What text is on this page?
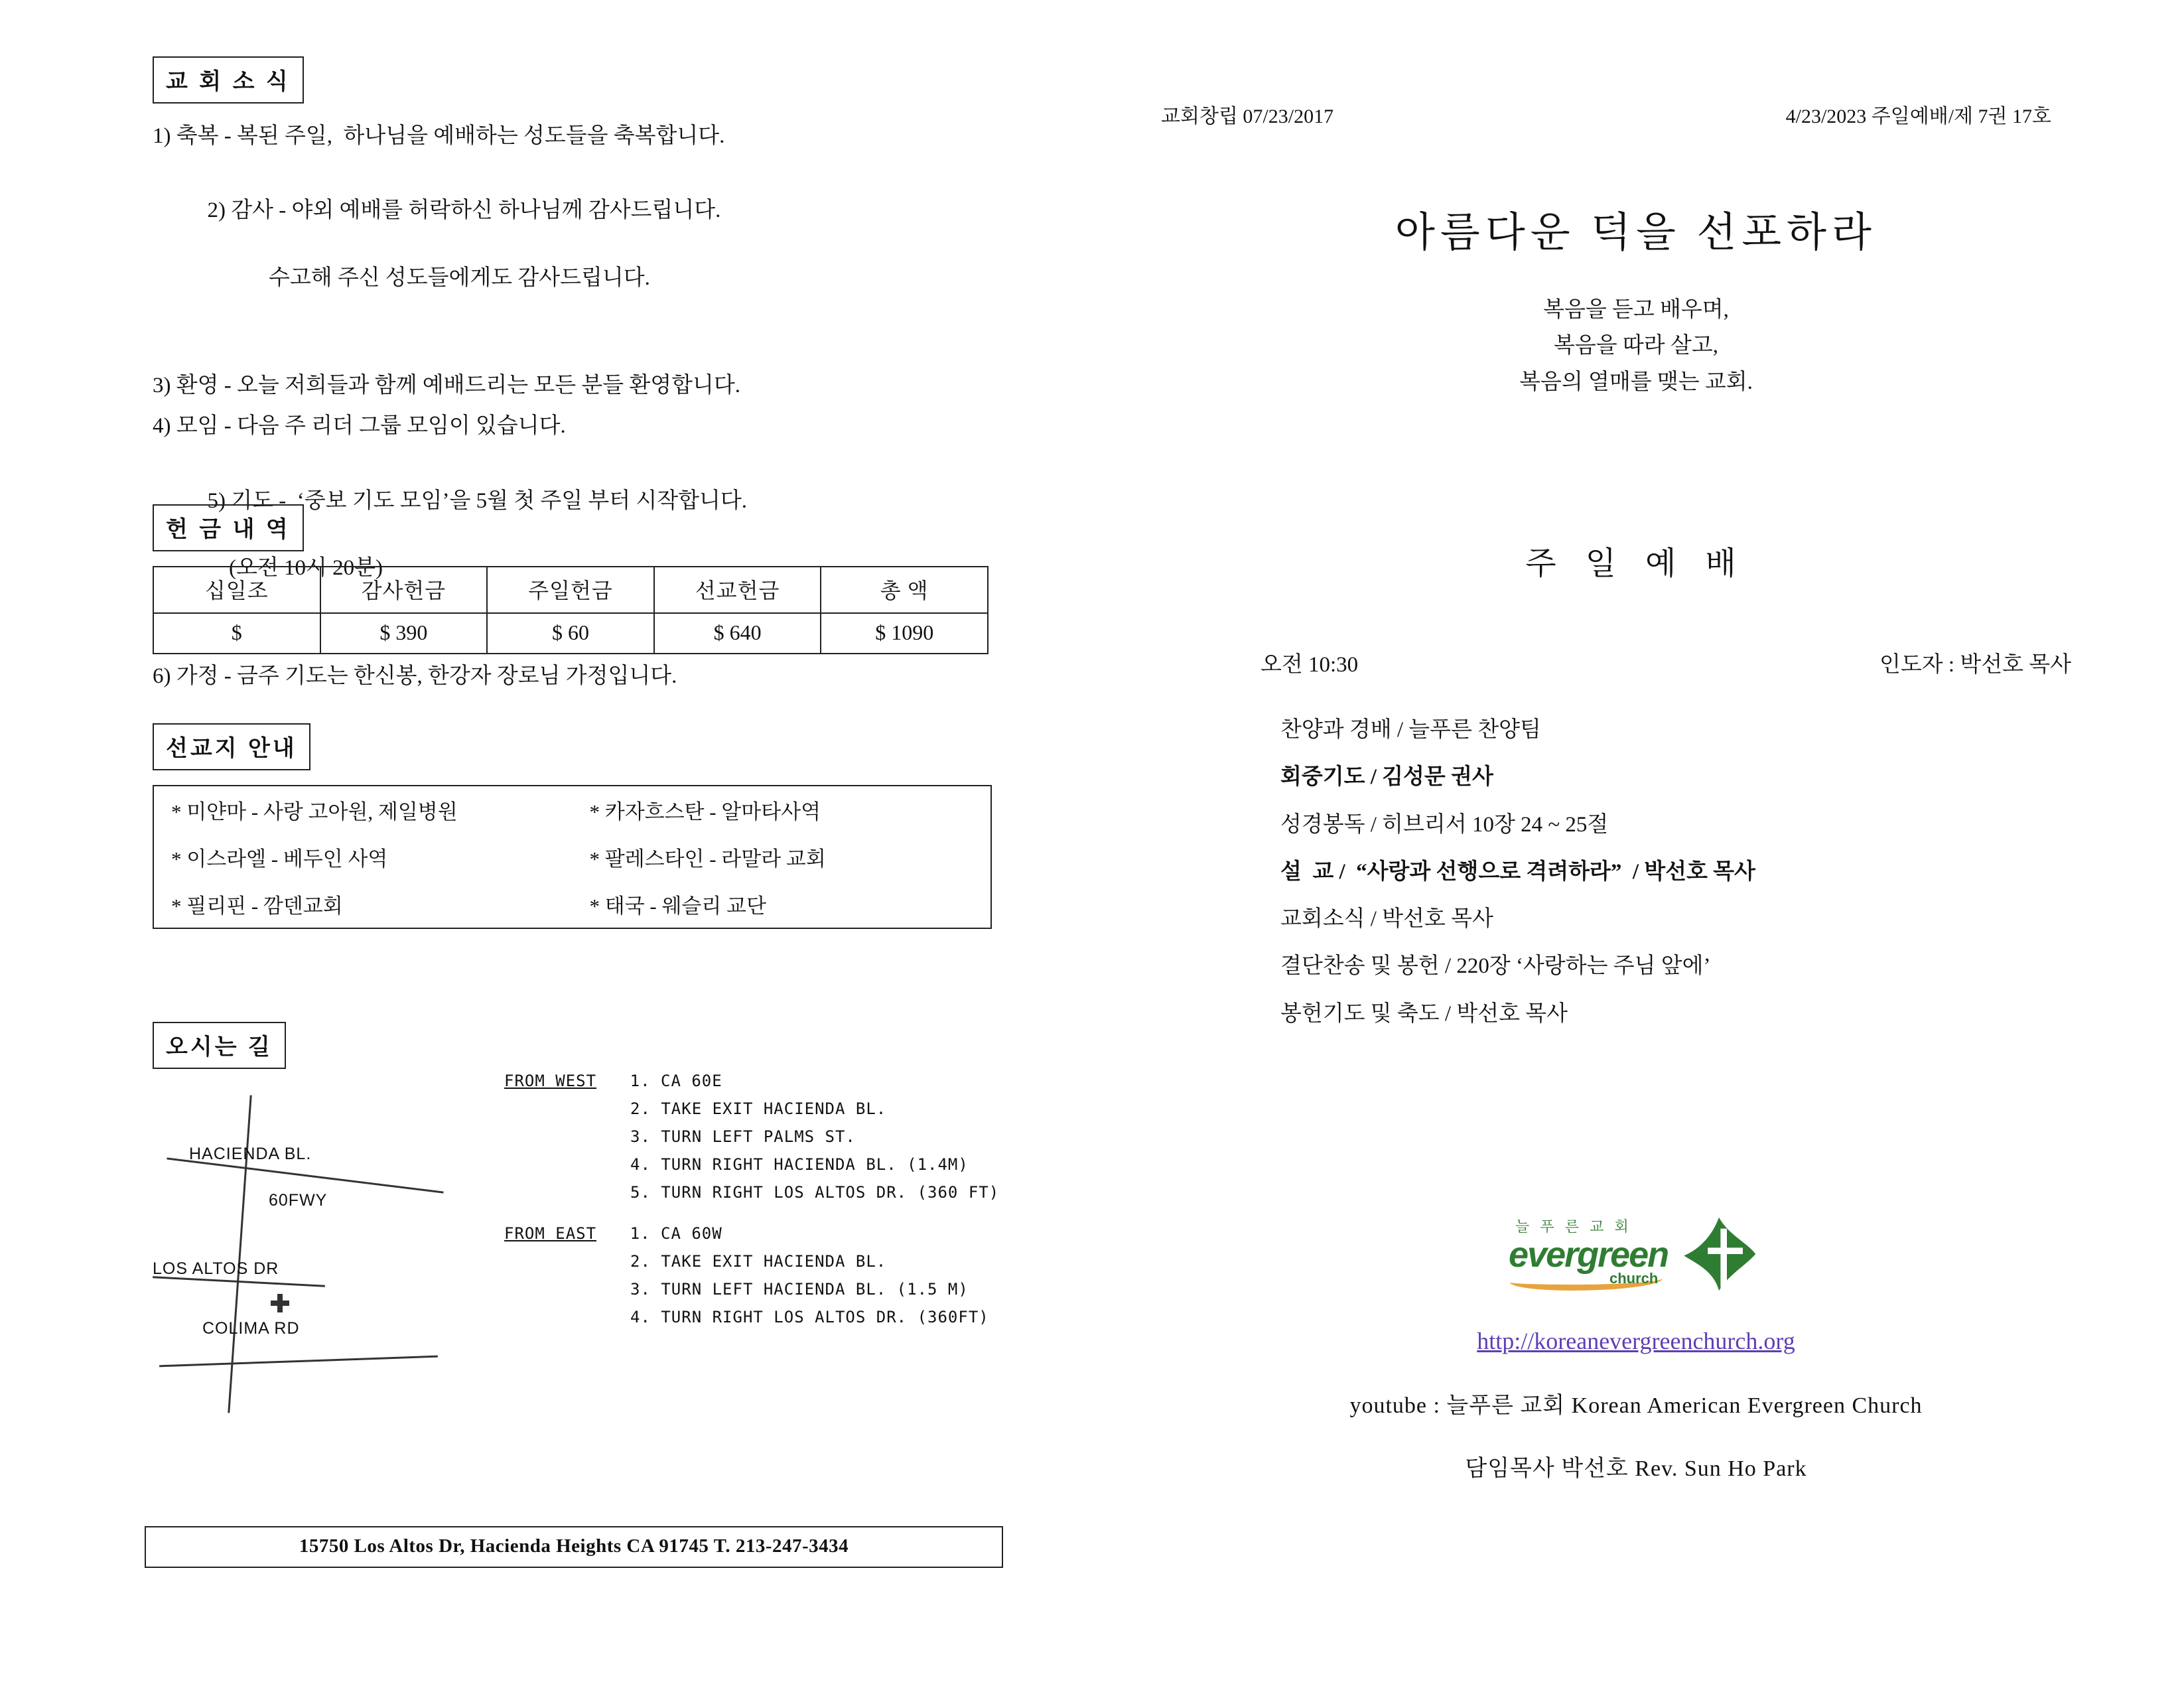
교 회 소 식
1) 축복 - 복된 주일,  하나님을 예배하는 성도들을 축복합니다.

2) 감사 - 야외 예배를 허락하신 하나님께 감사드립니다.

수고해 주신 성도들에게도 감사드립니다.

3) 환영 - 오늘 저희들과 함께 예배드리는 모든 분들 환영합니다.
4) 모임 - 다음 주 리더 그룹 모임이 있습니다.

5) 기도 -  ‘중보 기도 모임’을 5월 첫 주일 부터 시작합니다.

(오전 10시 20분)

6) 가정 - 금주 기도는 한신봉, 한강자 장로님 가정입니다.
헌 금 내 역
십일조	감사헌금	주일헌금	선교헌금	총 액
$	$ 390	$ 60	$ 640	$ 1090
선교지 안내
* 미얀마 - 사랑 고아원, 제일병원	* 카자흐스탄 - 알마타사역
* 이스라엘 - 베두인 사역	* 팔레스타인 - 라말라 교회
* 필리핀 - 깜덴교회	* 태국 - 웨슬리 교단
오시는 길
HACIENDA BL.
60FWY
LOS ALTOS DR
COLIMA RD
FROM WEST 1. CA 60E
2. TAKE EXIT HACIENDA BL.
3. TURN LEFT PALMS ST.
4. TURN RIGHT HACIENDA BL. (1.4M)
5. TURN RIGHT LOS ALTOS DR. (360 FT)
FROM EAST 1. CA 60W
2. TAKE EXIT HACIENDA BL.
3. TURN LEFT HACIENDA BL. (1.5 M)
4. TURN RIGHT LOS ALTOS DR. (360FT)
15750 Los Altos Dr, Hacienda Heights CA 91745 T. 213-247-3434
교회창립 07/23/2017	4/23/2023 주일예배/제 7권 17호
아름다운 덕을 선포하라
복음을 듣고 배우며,
복음을 따라 살고,
복음의 열매를 맺는 교회.
주 일 예 배
오전 10:30	인도자 : 박선호 목사
찬양과 경배 / 늘푸른 찬양팀
회중기도 / 김성문 권사
성경봉독 / 히브리서 10장 24 ~ 25절
설  교 /  “사랑과 선행으로 격려하라”  / 박선호 목사
교회소식 / 박선호 목사
결단찬송 및 봉헌 / 220장 ‘사랑하는 주님 앞에’
봉헌기도 및 축도 / 박선호 목사
늘 푸 른 교 회
evergreen
church
http://koreanevergreenchurch.org
youtube : 늘푸른 교회 Korean American Evergreen Church
담임목사 박선호 Rev. Sun Ho Park
